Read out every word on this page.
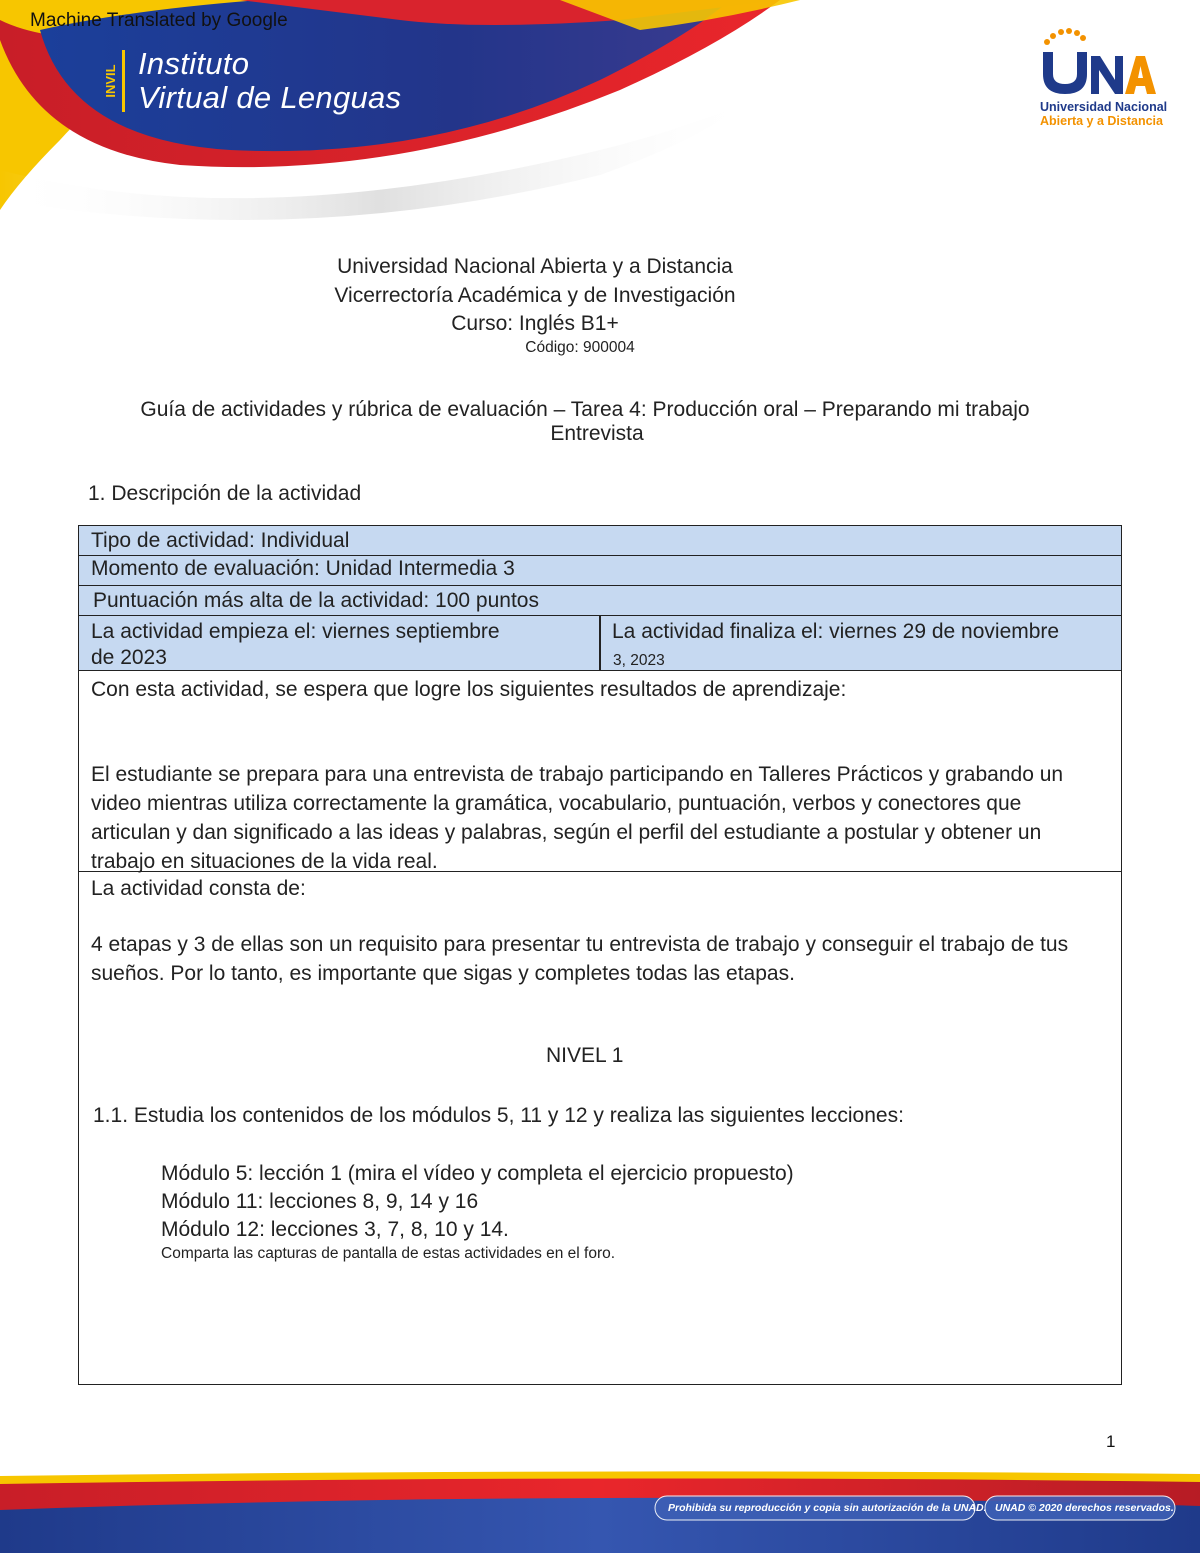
Machine Translated by Google
INVIL Instituto
Virtual de Lenguas	Universidad Nacional
Abierta y a Distancia
Universidad Nacional Abierta y a Distancia
Vicerrectoría Académica y de Investigación
Curso: Inglés B1+
Código: 900004
Guía de actividades y rúbrica de evaluación – Tarea 4: Producción oral – Preparando mi trabajo
Entrevista
1. Descripción de la actividad
Tipo de actividad: Individual
Momento de evaluación: Unidad Intermedia 3
Puntuación más alta de la actividad: 100 puntos
La actividad empieza el: viernes septiembre
de 2023
La actividad finaliza el: viernes 29 de noviembre
3, 2023
Con esta actividad, se espera que logre los siguientes resultados de aprendizaje:
El estudiante se prepara para una entrevista de trabajo participando en Talleres Prácticos y grabando un video mientras utiliza correctamente la gramática, vocabulario, puntuación, verbos y conectores que articulan y dan significado a las ideas y palabras, según el perfil del estudiante a postular y obtener un trabajo en situaciones de la vida real.
La actividad consta de:
4 etapas y 3 de ellas son un requisito para presentar tu entrevista de trabajo y conseguir el trabajo de tus sueños. Por lo tanto, es importante que sigas y completes todas las etapas.
NIVEL 1
1.1. Estudia los contenidos de los módulos 5, 11 y 12 y realiza las siguientes lecciones:
Módulo 5: lección 1 (mira el vídeo y completa el ejercicio propuesto)
Módulo 11: lecciones 8, 9, 14 y 16
Módulo 12: lecciones 3, 7, 8, 10 y 14.
Comparta las capturas de pantalla de estas actividades en el foro.
1
Prohibida su reproducción y copia sin autorización de la UNAD. UNAD © 2020 derechos reservados.
